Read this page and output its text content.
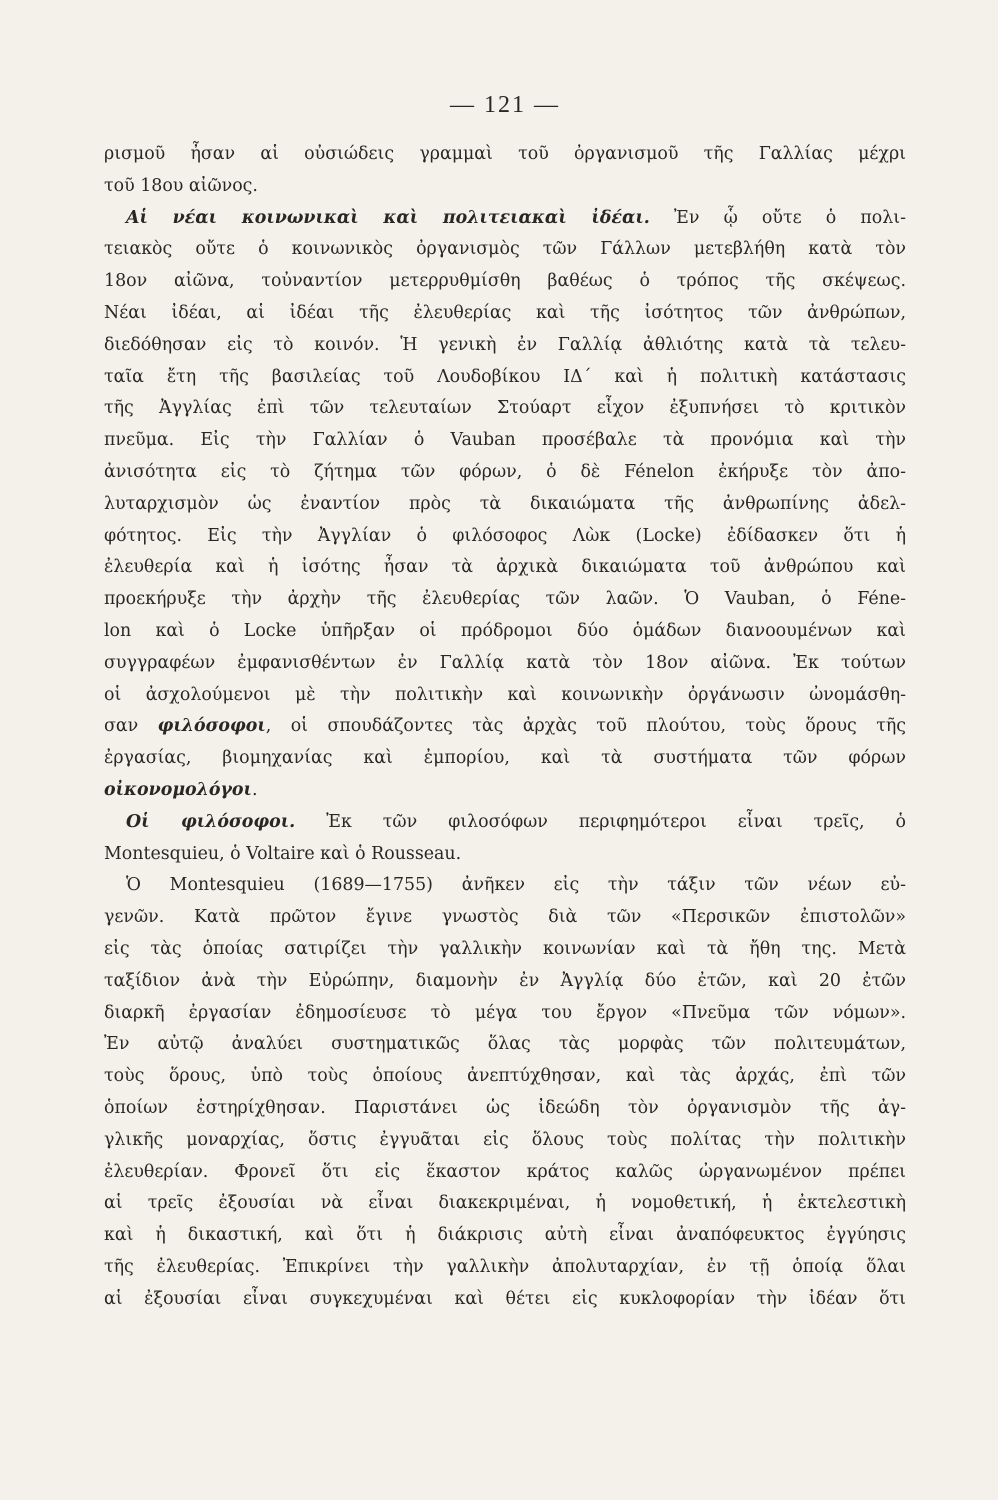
— 121 —
ρισμοῦ ἦσαν αἱ οὐσιώδεις γραμμαὶ τοῦ ὀργανισμοῦ τῆς Γαλλίας μέχρι
τοῦ 18ου αἰῶνος.
Αἱ νέαι κοινωνικαὶ καὶ πολιτειακαὶ ἰδέαι. Ἐν ᾧ οὔτε ὁ πολι-
τειακὸς οὔτε ὁ κοινωνικὸς ὀργανισμὸς τῶν Γάλλων μετεβλήθη κατὰ τὸν
18ον αἰῶνα, τοὐναντίον μετερρυθμίσθη βαθέως ὁ τρόπος τῆς σκέψεως.
Νέαι ἰδέαι, αἱ ἰδέαι τῆς ἐλευθερίας καὶ τῆς ἰσότητος τῶν ἀνθρώπων,
διεδόθησαν εἰς τὸ κοινόν. Ἡ γενικὴ ἐν Γαλλίᾳ ἀθλιότης κατὰ τὰ τελευ-
ταῖα ἔτη τῆς βασιλείας τοῦ Λουδοβίκου ΙΔ΄ καὶ ἡ πολιτικὴ κατάστασις
τῆς Ἀγγλίας ἐπὶ τῶν τελευταίων Στούαρτ εἶχον ἐξυπνήσει τὸ κριτικὸν
πνεῦμα. Εἰς τὴν Γαλλίαν ὁ Vauban προσέβαλε τὰ προνόμια καὶ τὴν
ἀνισότητα εἰς τὸ ζήτημα τῶν φόρων, ὁ δὲ Fénelon ἐκήρυξε τὸν ἀπο-
λυταρχισμὸν ὡς ἐναντίον πρὸς τὰ δικαιώματα τῆς ἀνθρωπίνης ἀδελ-
φότητος. Εἰς τὴν Ἀγγλίαν ὁ φιλόσοφος Λὼκ (Locke) ἐδίδασκεν ὅτι ἡ
ἐλευθερία καὶ ἡ ἰσότης ἦσαν τὰ ἀρχικὰ δικαιώματα τοῦ ἀνθρώπου καὶ
προεκήρυξε τὴν ἀρχὴν τῆς ἐλευθερίας τῶν λαῶν. Ὁ Vauban, ὁ Féne-
lon καὶ ὁ Locke ὑπῆρξαν οἱ πρόδρομοι δύο ὁμάδων διανοουμένων καὶ
συγγραφέων ἐμφανισθέντων ἐν Γαλλίᾳ κατὰ τὸν 18ον αἰῶνα. Ἐκ τούτων
οἱ ἀσχολούμενοι μὲ τὴν πολιτικὴν καὶ κοινωνικὴν ὀργάνωσιν ὠνομάσθη-
σαν φιλόσοφοι, οἱ σπουδάζοντες τὰς ἀρχὰς τοῦ πλούτου, τοὺς ὅρους τῆς
ἐργασίας, βιομηχανίας καὶ ἐμπορίου, καὶ τὰ συστήματα τῶν φόρων
οἰκονομολόγοι.
Οἱ φιλόσοφοι. Ἐκ τῶν φιλοσόφων περιφημότεροι εἶναι τρεῖς, ὁ
Montesquieu, ὁ Voltaire καὶ ὁ Rousseau.
Ὁ Montesquieu (1689—1755) ἀνῆκεν εἰς τὴν τάξιν τῶν νέων εὐ-
γενῶν. Κατὰ πρῶτον ἔγινε γνωστὸς διὰ τῶν «Περσικῶν ἐπιστολῶν»
εἰς τὰς ὁποίας σατιρίζει τὴν γαλλικὴν κοινωνίαν καὶ τὰ ἤθη της. Μετὰ
ταξίδιον ἀνὰ τὴν Εὐρώπην, διαμονὴν ἐν Ἀγγλίᾳ δύο ἐτῶν, καὶ 20 ἐτῶν
διαρκῆ ἐργασίαν ἐδημοσίευσε τὸ μέγα του ἔργον «Πνεῦμα τῶν νόμων».
Ἐν αὐτῷ ἀναλύει συστηματικῶς ὅλας τὰς μορφὰς τῶν πολιτευμάτων,
τοὺς ὅρους, ὑπὸ τοὺς ὁποίους ἀνεπτύχθησαν, καὶ τὰς ἀρχάς, ἐπὶ τῶν
ὁποίων ἐστηρίχθησαν. Παριστάνει ὡς ἰδεώδη τὸν ὀργανισμὸν τῆς ἀγ-
γλικῆς μοναρχίας, ὅστις ἐγγυᾶται εἰς ὅλους τοὺς πολίτας τὴν πολιτικὴν
ἐλευθερίαν. Φρονεῖ ὅτι εἰς ἕκαστον κράτος καλῶς ὠργανωμένον πρέπει
αἱ τρεῖς ἐξουσίαι νὰ εἶναι διακεκριμέναι, ἡ νομοθετική, ἡ ἐκτελεστικὴ
καὶ ἡ δικαστική, καὶ ὅτι ἡ διάκρισις αὐτὴ εἶναι ἀναπόφευκτος ἐγγύησις
τῆς ἐλευθερίας. Ἐπικρίνει τὴν γαλλικὴν ἀπολυταρχίαν, ἐν τῇ ὁποίᾳ ὅλαι
αἱ ἐξουσίαι εἶναι συγκεχυμέναι καὶ θέτει εἰς κυκλοφορίαν τὴν ἰδέαν ὅτι
